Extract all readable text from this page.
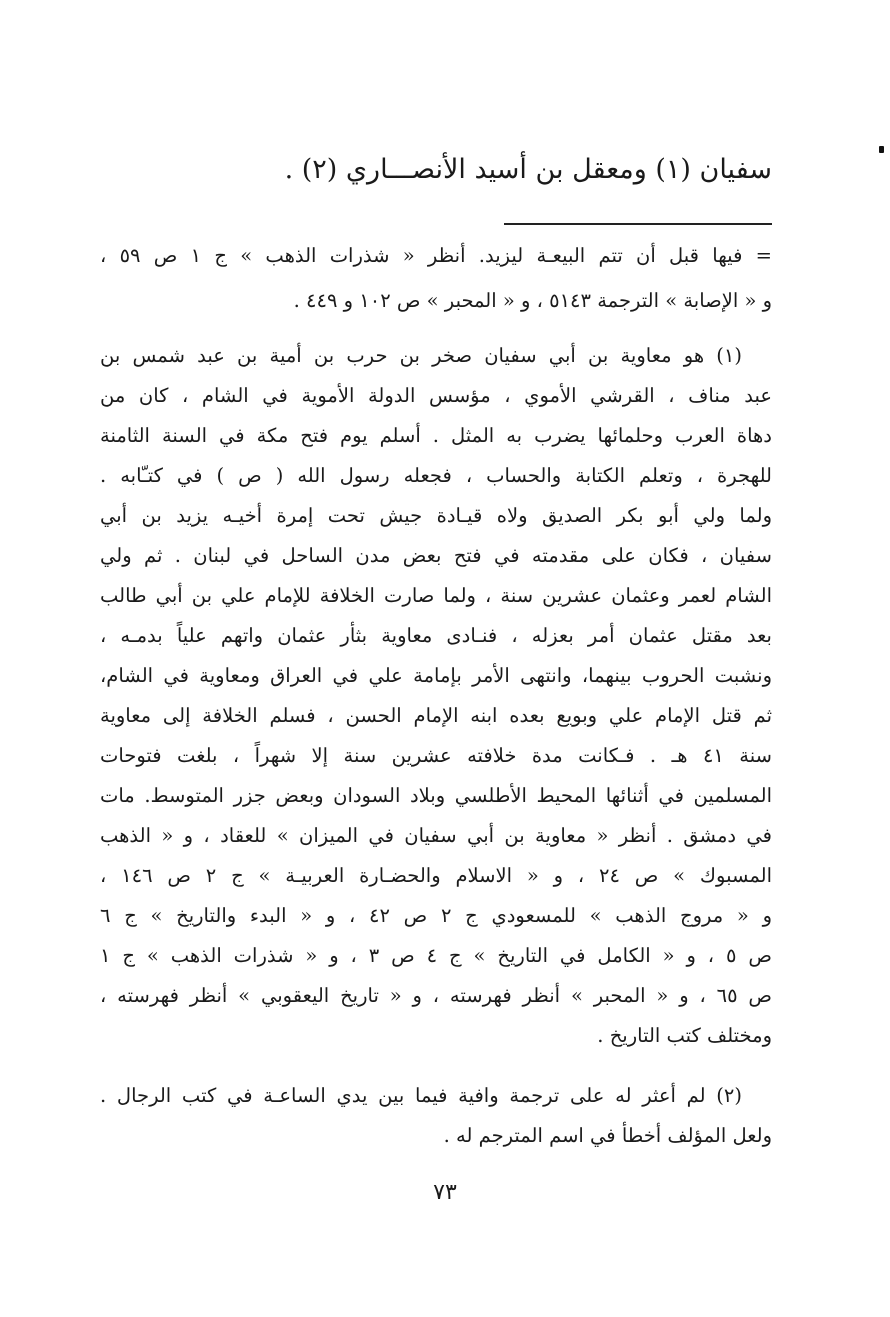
سفيان (١) ومعقل بن أسيد الأنصـــاري (٢) .
= فيها قبل أن تتم البيعـة ليزيد. أنظر « شذرات الذهب » ج ١ ص ٥٩ ،
و « الإصابة » الترجمة ٥١٤٣ ، و « المحبر » ص ١٠٢ و ٤٤٩ .
(١) هو معاوية بن أبي سفيان صخر بن حرب بن أمية بن عبد شمس بن
عبد مناف ، القرشي الأموي ، مؤسس الدولة الأموية في الشام ، كان من
دهاة العرب وحلمائها يضرب به المثل . أسلم يوم فتح مكة في السنة الثامنة
للهجرة ، وتعلم الكتابة والحساب ، فجعله رسول الله ( ص ) في كتـّابه .
ولما ولي أبو بكر الصديق ولاه قيـادة جيش تحت إمرة أخيـه يزيد بن أبي
سفيان ، فكان على مقدمته في فتح بعض مدن الساحل في لبنان . ثم ولي
الشام لعمر وعثمان عشرين سنة ، ولما صارت الخلافة للإمام علي بن أبي طالب
بعد مقتل عثمان أمر بعزله ، فنـادى معاوية بثأر عثمان واتهم علياً بدمـه ،
ونشبت الحروب بينهما، وانتهى الأمر بإمامة علي في العراق ومعاوية في الشام،
ثم قتل الإمام علي وبويع بعده ابنه الإمام الحسن ، فسلم الخلافة إلى معاوية
سنة ٤١ هـ . فـكانت مدة خلافته عشرين سنة إلا شهراً ، بلغت فتوحات
المسلمين في أثنائها المحيط الأطلسي وبلاد السودان وبعض جزر المتوسط. مات
في دمشق . أنظر « معاوية بن أبي سفيان في الميزان » للعقاد ، و « الذهب
المسبوك » ص ٢٤ ، و « الاسلام والحضـارة العربيـة » ج ٢ ص ١٤٦ ،
و « مروج الذهب » للمسعودي ج ٢ ص ٤٢ ، و « البدء والتاريخ » ج ٦
ص ٥ ، و « الكامل في التاريخ » ج ٤ ص ٣ ، و « شذرات الذهب » ج ١
ص ٦٥ ، و « المحبر » أنظر فهرسته ، و « تاريخ اليعقوبي » أنظر فهرسته ،
ومختلف كتب التاريخ .
(٢) لم أعثر له على ترجمة وافية فيما بين يدي الساعـة في كتب الرجال .
ولعل المؤلف أخطأ في اسم المترجم له .
٧٣
